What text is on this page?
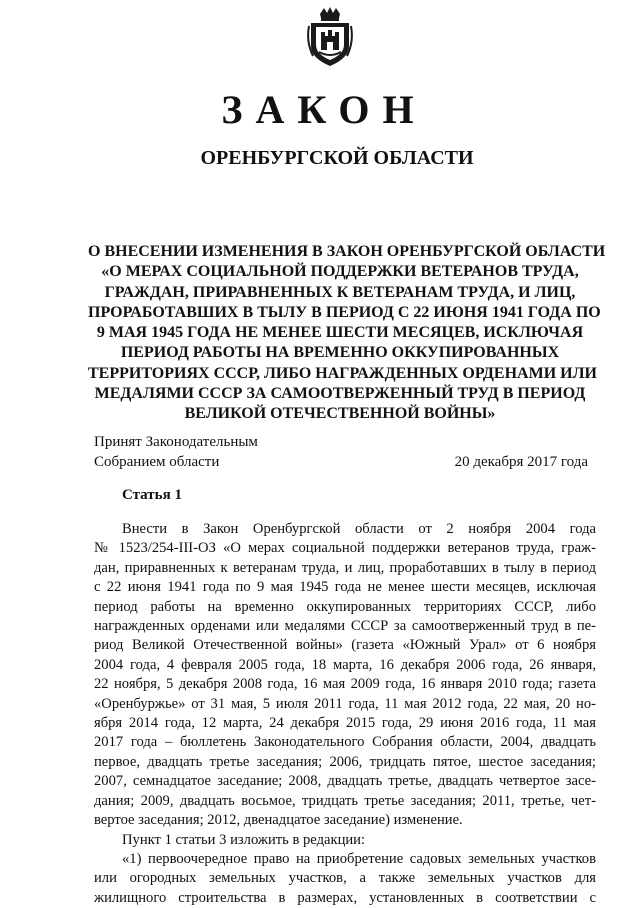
ЗАКОН
ОРЕНБУРГСКОЙ ОБЛАСТИ
О ВНЕСЕНИИ ИЗМЕНЕНИЯ В ЗАКОН ОРЕНБУРГСКОЙ ОБЛАСТИ
«О МЕРАХ СОЦИАЛЬНОЙ ПОДДЕРЖКИ ВЕТЕРАНОВ ТРУДА,
ГРАЖДАН, ПРИРАВНЕННЫХ К ВЕТЕРАНАМ ТРУДА, И ЛИЦ,
ПРОРАБОТАВШИХ В ТЫЛУ В ПЕРИОД С 22 ИЮНЯ 1941 ГОДА ПО
9 МАЯ 1945 ГОДА НЕ МЕНЕЕ ШЕСТИ МЕСЯЦЕВ, ИСКЛЮЧАЯ
ПЕРИОД РАБОТЫ НА ВРЕМЕННО ОККУПИРОВАННЫХ
ТЕРРИТОРИЯХ СССР, ЛИБО НАГРАЖДЕННЫХ ОРДЕНАМИ ИЛИ
МЕДАЛЯМИ СССР ЗА САМООТВЕРЖЕННЫЙ ТРУД В ПЕРИОД
ВЕЛИКОЙ ОТЕЧЕСТВЕННОЙ ВОЙНЫ»
Принят Законодательным
Собранием области	20 декабря 2017 года
Статья 1
Внести в Закон Оренбургской области от 2 ноября 2004 года
№ 1523/254-III-ОЗ «О мерах социальной поддержки ветеранов труда, граж-
дан, приравненных к ветеранам труда, и лиц, проработавших в тылу в период
с 22 июня 1941 года по 9 мая 1945 года не менее шести месяцев, исключая
период работы на временно оккупированных территориях СССР, либо
награжденных орденами или медалями СССР за самоотверженный труд в пе-
риод Великой Отечественной войны» (газета «Южный Урал» от 6 ноября
2004 года, 4 февраля 2005 года, 18 марта, 16 декабря 2006 года, 26 января,
22 ноября, 5 декабря 2008 года, 16 мая 2009 года, 16 января 2010 года; газета
«Оренбуржье» от 31 мая, 5 июля 2011 года, 11 мая 2012 года, 22 мая, 20 но-
ября 2014 года, 12 марта, 24 декабря 2015 года, 29 июня 2016 года, 11 мая
2017 года – бюллетень Законодательного Собрания области, 2004, двадцать
первое, двадцать третье заседания; 2006, тридцать пятое, шестое заседания;
2007, семнадцатое заседание; 2008, двадцать третье, двадцать четвертое засе-
дания; 2009, двадцать восьмое, тридцать третье заседания; 2011, третье, чет-
вертое заседания; 2012, двенадцатое заседание) изменение.
Пункт 1 статьи 3 изложить в редакции:
«1) первоочередное право на приобретение садовых земельных участков
или огородных земельных участков, а также земельных участков для
жилищного строительства в размерах, установленных в соответствии с
